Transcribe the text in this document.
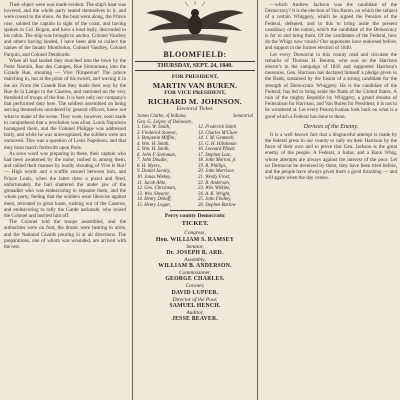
Their object were was made evident. The ship's boat was lowered, and the whole party seated themselves in it, and were rowed to the shore. As the boat went along, the Prince rose, saluted the captain in sight of the coast, and having spoken to Col. Bogon, and have a loud reply, descended to his cabin. The ship was brought to anchor. Colonel Vaudrey and others having landed, I have been able to collect the names of the fanatic Montholon, Colonel Vaudrey, Colonel Parquin, and Colonel Delaborde.

When all had landed they marched into the town by the Porte Narrain, Rue des Campes, Rue Simonneau, into the Grande Rue, shouting — Vive l'Empereur! The prince marching in, but at the point of his sword, and waving it in the air. From the Grande Rue they made their way by the Rue de la Lampe to the Caserne, and stationed on the very threshold of troops of the line. It is here only our company's that performed duty here. The soldiers assembled on being serving themselves unordered by general officers, knew not what to make of the scene. They were, however, soon made to comprehend that a revolution was afoot. Louis Napoleon harangued them, and the Colonel Philippe was addressed hotly, and while he was unrecognized, the soldiers were not unmoved. This was a question of Louis Napoleon, and that they must march forthwith upon Paris.

As soon word was preparing in these, their captain who had been awakened by the noise, rushed in among them, and rallied their manner by loudly shouting of Vive le Roi! — High words and a scuffle ensued between him, and Prince Louis, when the latter drew a pistol and fired, unfortunately the ball shattered the under jaw of the grenadier who was endeavoring to separate them, and the whole party, feeling that the soldiers were likewise against them, retreated in great haste, rushing out of the Caserne, and endeavoring to rally the Garde nationale, who seized the Colonel and hurried him off.

The Colonel told the troops assembled, and the authorities were on foot, the drums were beating to arms, and the National Guards pouring in at all directions. The preparations, one of whom was wounded, are arrived with the rest.

BLOOMFIELD:
THURSDAY, SEPT. 24, 1840.
FOR PRESIDENT,
MARTIN VAN BUREN.
FOR VICE PRESIDENT,
RICHARD M. JOHNSON.
Electoral Ticket.
James Clarke, of Indiana,	Senatorial
Geo. G. Leiper, of Delaware,
1. Geo. W. Smith,	12. Frederick Smith
2. Frederick Stoever,	13. Charles M'Clure
3. Benjamin Mifflin,	14. J. M. Gemmell,
4. Wm. H. Smith,	15. G. H. Hibshman
5. Wm. H. Smith,	16. Leonard Pfoutz
6. John F. Steinman,	17. Stephen Lutz,
7. John Doudle,	18. John Morton, jr.
8. H. Myers,	19. R. Phillips,
9. Daniel Jacoby,	20. John Morrison
10. Jonas Wiekey,	21. Westly Frost,
11. Jacob Able,	22. R. Anderson,
12. Geo. Christman,	23. Wm. Wilkins,
13. Wm. Shearer,	24. A. K. Wright,
14. Henry Dehoff,	25. John Findley,
15. Henry Logan,	26. Stephen Barlow
Perry county Democratic
TICKET.
Congress,
Hon. WILLIAM S. RAMSEY
Senator,
Dr. JOSEPH B. ARD.
Assembly,
WILLIAM B. ANDERSON.
Commissioner,
GEORGE CHARLES.
Coroner,
DAVID LUPFER.
Director of the Poor,
SAMUEL HENCH.
Auditor,
JESSE BEAVER.

—which Andrew Jackson was the candidate of the Democracy? It is the election of Van Buren, on which the subject of a certain Whiggery, which he signed the Pension of the Federal, defeated, and in this to bring aside the present candidacy of the nation, which the candidate of the Democracy is for to and bring them. Of the candidates of the Federal, how do the Whigs now vouch? Our opponents have endorsed before, and support in the former election of 1840.

Let every Democrat in this county read and circulate the remarks of Thomas H. Benton, who was on the Harrison elector's in the campaign of 1836 and supported Harrison's measures. Gen. Harrison has declared himself a pledge given to the Bank; sustained by the fusion of a strong candidate for the strength of Democratic Whiggery. He is the candidate of the Federal; has led to bring aside the Bank of the United States. A ruin of the mighty Republic by Whiggery, a grand dreams of Federalism for Harrison, and Van Buren for President; it is not to be wondered at. Let every Pennsylvanian look back on what is a good which a Federal has done to them.

Devices of the Enemy.

It is a well known fact that a disgraceful attempt is made by the federal press in our county to rally on their Harrison by the force of their own and to prove that Gen. Jackson is the great enemy of the people. A Federal, a Judas, and a Bank Whig, whose attempts are always against the interest of the poor. Let no Democrat be deceived by them, they have been tried before, and the people have always given them a good thrashing — and will again when the day comes.
